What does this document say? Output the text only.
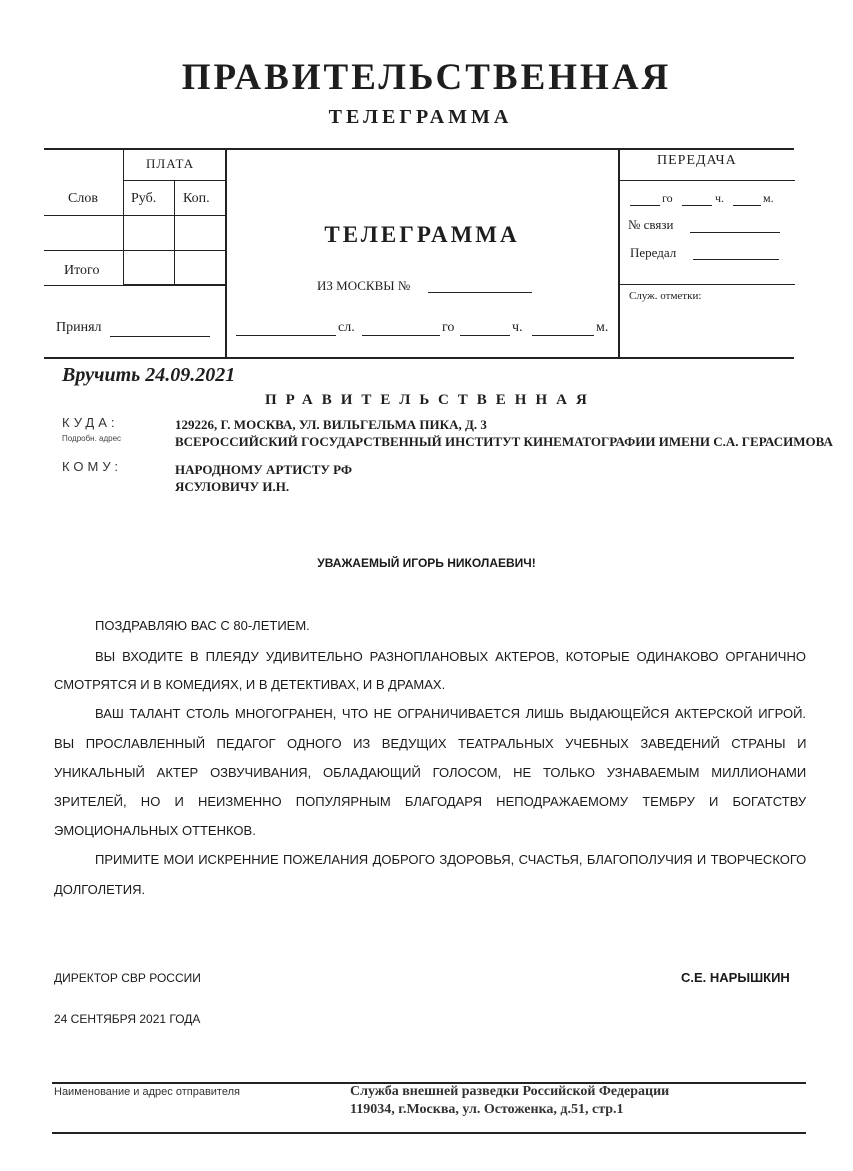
ПРАВИТЕЛЬСТВЕННАЯ
ТЕЛЕГРАММА
ПЛАТА
Слов Руб. Коп.
Итого
Принял
ТЕЛЕГРАММА
ИЗ МОСКВЫ №
сл.	го	ч.	м.
ПЕРЕДАЧА
го	ч.	м.
№ связи
Передал
Служ. отметки:
Вручить 24.09.2021
ПРАВИТЕЛЬСТВЕННАЯ
КУДА:
Подробн. адрес
129226, Г. МОСКВА, УЛ. ВИЛЬГЕЛЬМА ПИКА, Д. 3
ВСЕРОССИЙСКИЙ ГОСУДАРСТВЕННЫЙ ИНСТИТУТ КИНЕМАТОГРАФИИ ИМЕНИ С.А. ГЕРАСИМОВА
КОМУ:	НАРОДНОМУ АРТИСТУ РФ
ЯСУЛОВИЧУ И.Н.
УВАЖАЕМЫЙ ИГОРЬ НИКОЛАЕВИЧ!
ПОЗДРАВЛЯЮ ВАС С 80-ЛЕТИЕМ.
ВЫ ВХОДИТЕ В ПЛЕЯДУ УДИВИТЕЛЬНО РАЗНОПЛАНОВЫХ АКТЕРОВ, КОТОРЫЕ ОДИНАКОВО ОРГАНИЧНО
СМОТРЯТСЯ И В КОМЕДИЯХ, И В ДЕТЕКТИВАХ, И В ДРАМАХ.
ВАШ ТАЛАНТ СТОЛЬ МНОГОГРАНЕН, ЧТО НЕ ОГРАНИЧИВАЕТСЯ ЛИШЬ ВЫДАЮЩЕЙСЯ АКТЕРСКОЙ ИГРОЙ.
ВЫ ПРОСЛАВЛЕННЫЙ ПЕДАГОГ ОДНОГО ИЗ ВЕДУЩИХ ТЕАТРАЛЬНЫХ УЧЕБНЫХ ЗАВЕДЕНИЙ СТРАНЫ И
УНИКАЛЬНЫЙ АКТЕР ОЗВУЧИВАНИЯ, ОБЛАДАЮЩИЙ ГОЛОСОМ, НЕ ТОЛЬКО УЗНАВАЕМЫМ МИЛЛИОНАМИ
ЗРИТЕЛЕЙ, НО И НЕИЗМЕННО ПОПУЛЯРНЫМ БЛАГОДАРЯ НЕПОДРАЖАЕМОМУ ТЕМБРУ И БОГАТСТВУ
ЭМОЦИОНАЛЬНЫХ ОТТЕНКОВ.
ПРИМИТЕ МОИ ИСКРЕННИЕ ПОЖЕЛАНИЯ ДОБРОГО ЗДОРОВЬЯ, СЧАСТЬЯ, БЛАГОПОЛУЧИЯ И ТВОРЧЕСКОГО
ДОЛГОЛЕТИЯ.
ДИРЕКТОР СВР РОССИИ	С.Е. НАРЫШКИН
24 СЕНТЯБРЯ 2021 ГОДА
Наименование и адрес отправителя	Служба внешней разведки Российской Федерации
119034, г.Москва, ул. Остоженка, д.51, стр.1
